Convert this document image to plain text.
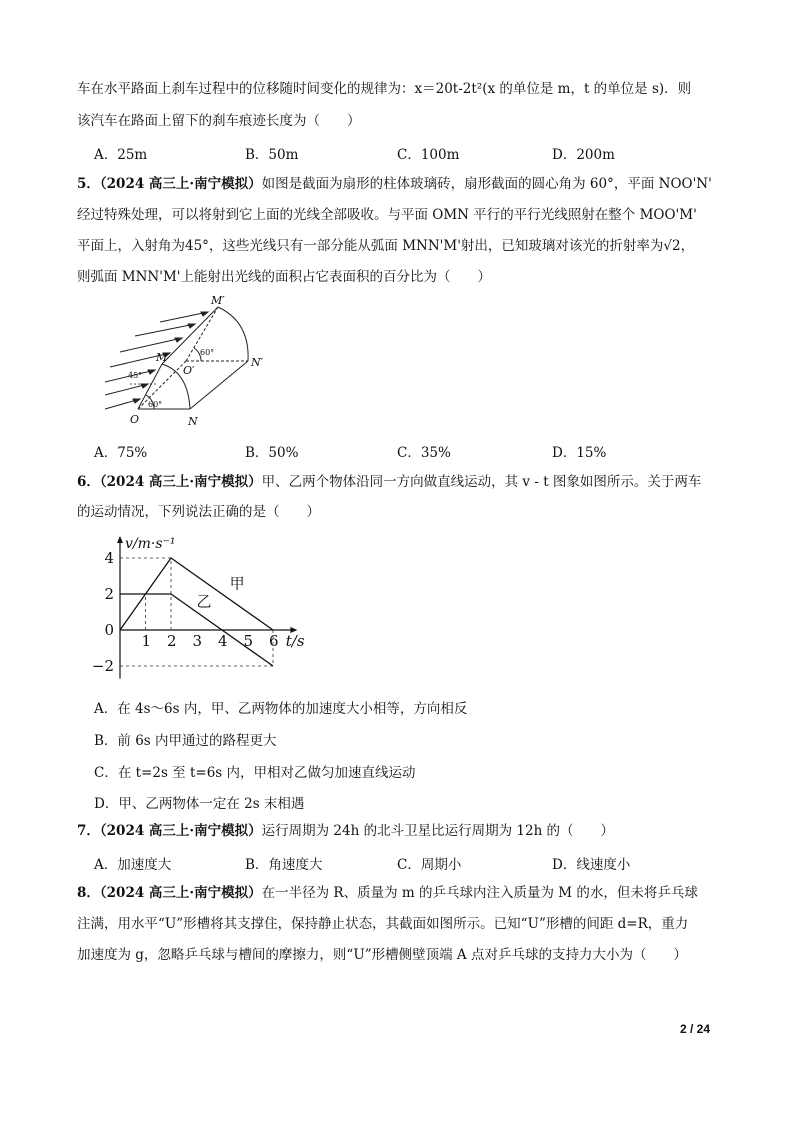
车在水平路面上刹车过程中的位移随时间变化的规律为：x＝20t-2t²(x 的单位是 m，t 的单位是 s)．则
该汽车在路面上留下的刹车痕迹长度为（　　）
A．25m	B．50m	C．100m	D．200m
5．（2024 高三上·南宁模拟）如图是截面为扇形的柱体玻璃砖，扇形截面的圆心角为 60°，平面 NOO'N'
经过特殊处理，可以将射到它上面的光线全部吸收。与平面 OMN 平行的平行光线照射在整个 MOO'M'
平面上，入射角为45°，这些光线只有一部分能从弧面 MNN'M'射出，已知玻璃对该光的折射率为√2，
则弧面 MNN'M'上能射出光线的面积占它表面积的百分比为（　　）
M′
M
O′
N′
O	N
60°
60°
45°
A．75%	B．50%	C．35%	D．15%
6．（2024 高三上·南宁模拟）甲、乙两个物体沿同一方向做直线运动，其 v - t 图象如图所示。关于两车
的运动情况，下列说法正确的是（　　）
甲
乙
1 2 3 4 5 6
4
2
0
−2
t/s
v/m·s⁻¹
A．在 4s～6s 内，甲、乙两物体的加速度大小相等，方向相反
B．前 6s 内甲通过的路程更大
C．在 t=2s 至 t=6s 内，甲相对乙做匀加速直线运动
D．甲、乙两物体一定在 2s 末相遇
7．（2024 高三上·南宁模拟）运行周期为 24h 的北斗卫星比运行周期为 12h 的（　　）
A．加速度大	B．角速度大	C．周期小	D．线速度小
8．（2024 高三上·南宁模拟）在一半径为 R、质量为 m 的乒乓球内注入质量为 M 的水，但未将乒乓球
注满，用水平“U”形槽将其支撑住，保持静止状态，其截面如图所示。已知“U”形槽的间距 d=R，重力
加速度为 g，忽略乒乓球与槽间的摩擦力，则“U”形槽侧壁顶端 A 点对乒乓球的支持力大小为（　　）
2 / 24
